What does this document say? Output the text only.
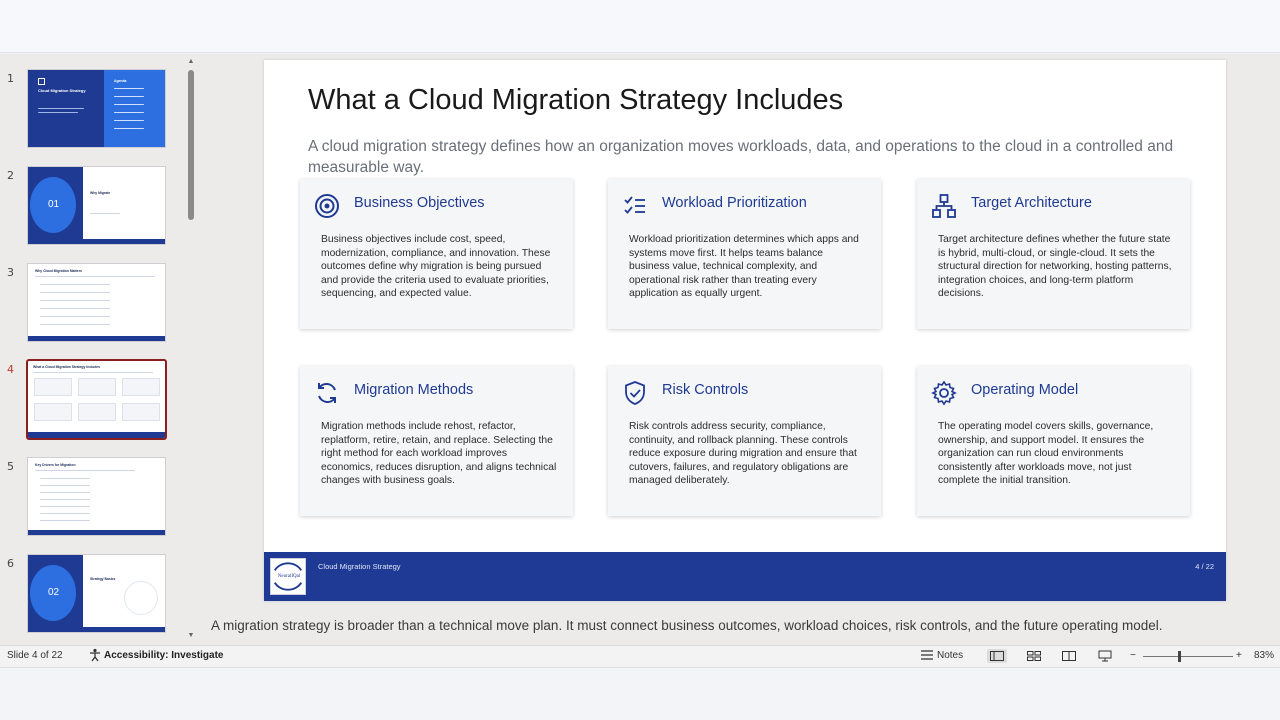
1
Cloud Migration Strategy
Agenda
2
01
Why Migrate
3	Why Cloud Migration Matters
4	What a Cloud Migration Strategy Includes
5	Key Drivers for Migration
6
02
Strategy Basics
▲
▼
What a Cloud Migration Strategy Includes
A cloud migration strategy defines how an organization moves workloads, data, and operations to the cloud in a controlled and measurable way.
Business Objectives
Business objectives include cost, speed, modernization, compliance, and innovation. These outcomes define why migration is being pursued and provide the criteria used to evaluate priorities, sequencing, and expected value.
Workload Prioritization
Workload prioritization determines which apps and systems move first. It helps teams balance business value, technical complexity, and operational risk rather than treating every application as equally urgent.
Target Architecture
Target architecture defines whether the future state is hybrid, multi-cloud, or single-cloud. It sets the structural direction for networking, hosting patterns, integration choices, and long-term platform decisions.
Migration Methods
Migration methods include rehost, refactor, replatform, retire, retain, and replace. Selecting the right method for each workload improves economics, reduces disruption, and aligns technical changes with business goals.
Risk Controls
Risk controls address security, compliance, continuity, and rollback planning. These controls reduce exposure during migration and ensure that cutovers, failures, and regulatory obligations are managed deliberately.
Operating Model
The operating model covers skills, governance, ownership, and support model. It ensures the organization can run cloud environments consistently after workloads move, not just complete the initial transition.
NeuralIQal
Cloud Migration Strategy	4 / 22
A migration strategy is broader than a technical move plan. It must connect business outcomes, workload choices, risk controls, and the future operating model.
Slide 4 of 22	Accessibility: Investigate	Notes	−	+ 83%
